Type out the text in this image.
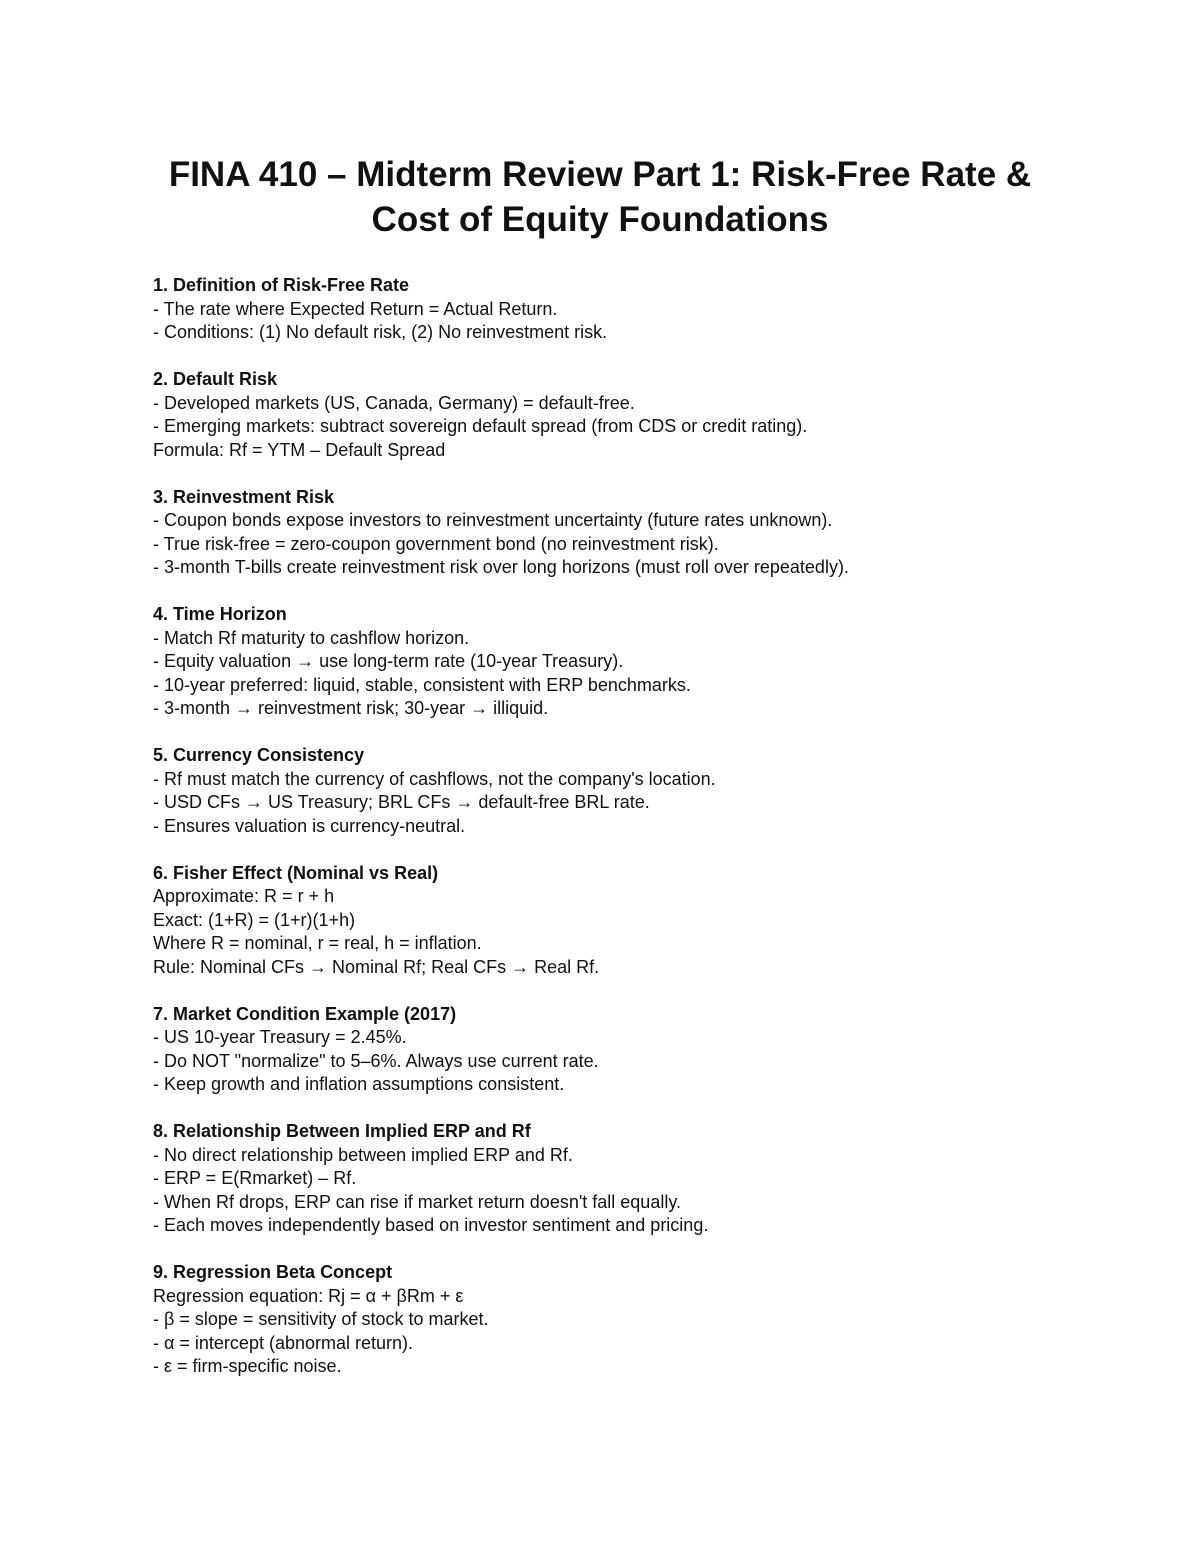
FINA 410 – Midterm Review Part 1: Risk-Free Rate &
Cost of Equity Foundations
1. Definition of Risk-Free Rate
- The rate where Expected Return = Actual Return.
- Conditions: (1) No default risk, (2) No reinvestment risk.
2. Default Risk
- Developed markets (US, Canada, Germany) = default-free.
- Emerging markets: subtract sovereign default spread (from CDS or credit rating).
Formula: Rf = YTM – Default Spread
3. Reinvestment Risk
- Coupon bonds expose investors to reinvestment uncertainty (future rates unknown).
- True risk-free = zero-coupon government bond (no reinvestment risk).
- 3-month T-bills create reinvestment risk over long horizons (must roll over repeatedly).
4. Time Horizon
- Match Rf maturity to cashflow horizon.
- Equity valuation → use long-term rate (10-year Treasury).
- 10-year preferred: liquid, stable, consistent with ERP benchmarks.
- 3-month → reinvestment risk; 30-year → illiquid.
5. Currency Consistency
- Rf must match the currency of cashflows, not the company's location.
- USD CFs → US Treasury; BRL CFs → default-free BRL rate.
- Ensures valuation is currency-neutral.
6. Fisher Effect (Nominal vs Real)
Approximate: R = r + h
Exact: (1+R) = (1+r)(1+h)
Where R = nominal, r = real, h = inflation.
Rule: Nominal CFs → Nominal Rf; Real CFs → Real Rf.
7. Market Condition Example (2017)
- US 10-year Treasury = 2.45%.
- Do NOT "normalize" to 5–6%. Always use current rate.
- Keep growth and inflation assumptions consistent.
8. Relationship Between Implied ERP and Rf
- No direct relationship between implied ERP and Rf.
- ERP = E(Rmarket) – Rf.
- When Rf drops, ERP can rise if market return doesn't fall equally.
- Each moves independently based on investor sentiment and pricing.
9. Regression Beta Concept
Regression equation: Rj = α + βRm + ε
- β = slope = sensitivity of stock to market.
- α = intercept (abnormal return).
- ε = firm-specific noise.
